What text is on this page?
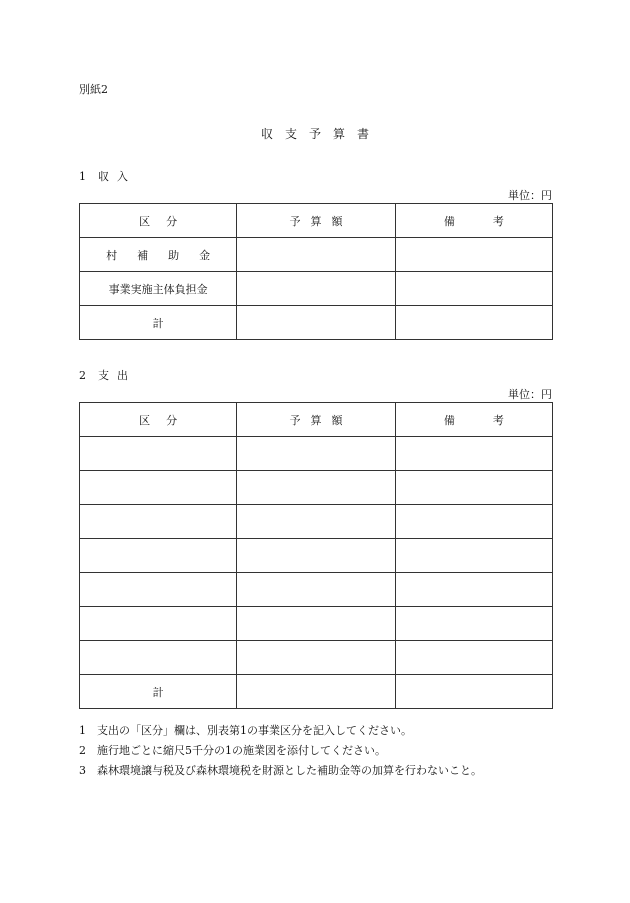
別紙2
収 支 予 算 書
1 収 入
単位：円
区 分	予 算 額	備 考
村 補 助 金		
事業実施主体負担金		
計		
2 支 出
単位：円
区 分	予 算 額	備 考

計		
1 支出の「区分」欄は、別表第1の事業区分を記入してください。
2 施行地ごとに縮尺5千分の1の施業図を添付してください。
3 森林環境譲与税及び森林環境税を財源とした補助金等の加算を行わないこと。
